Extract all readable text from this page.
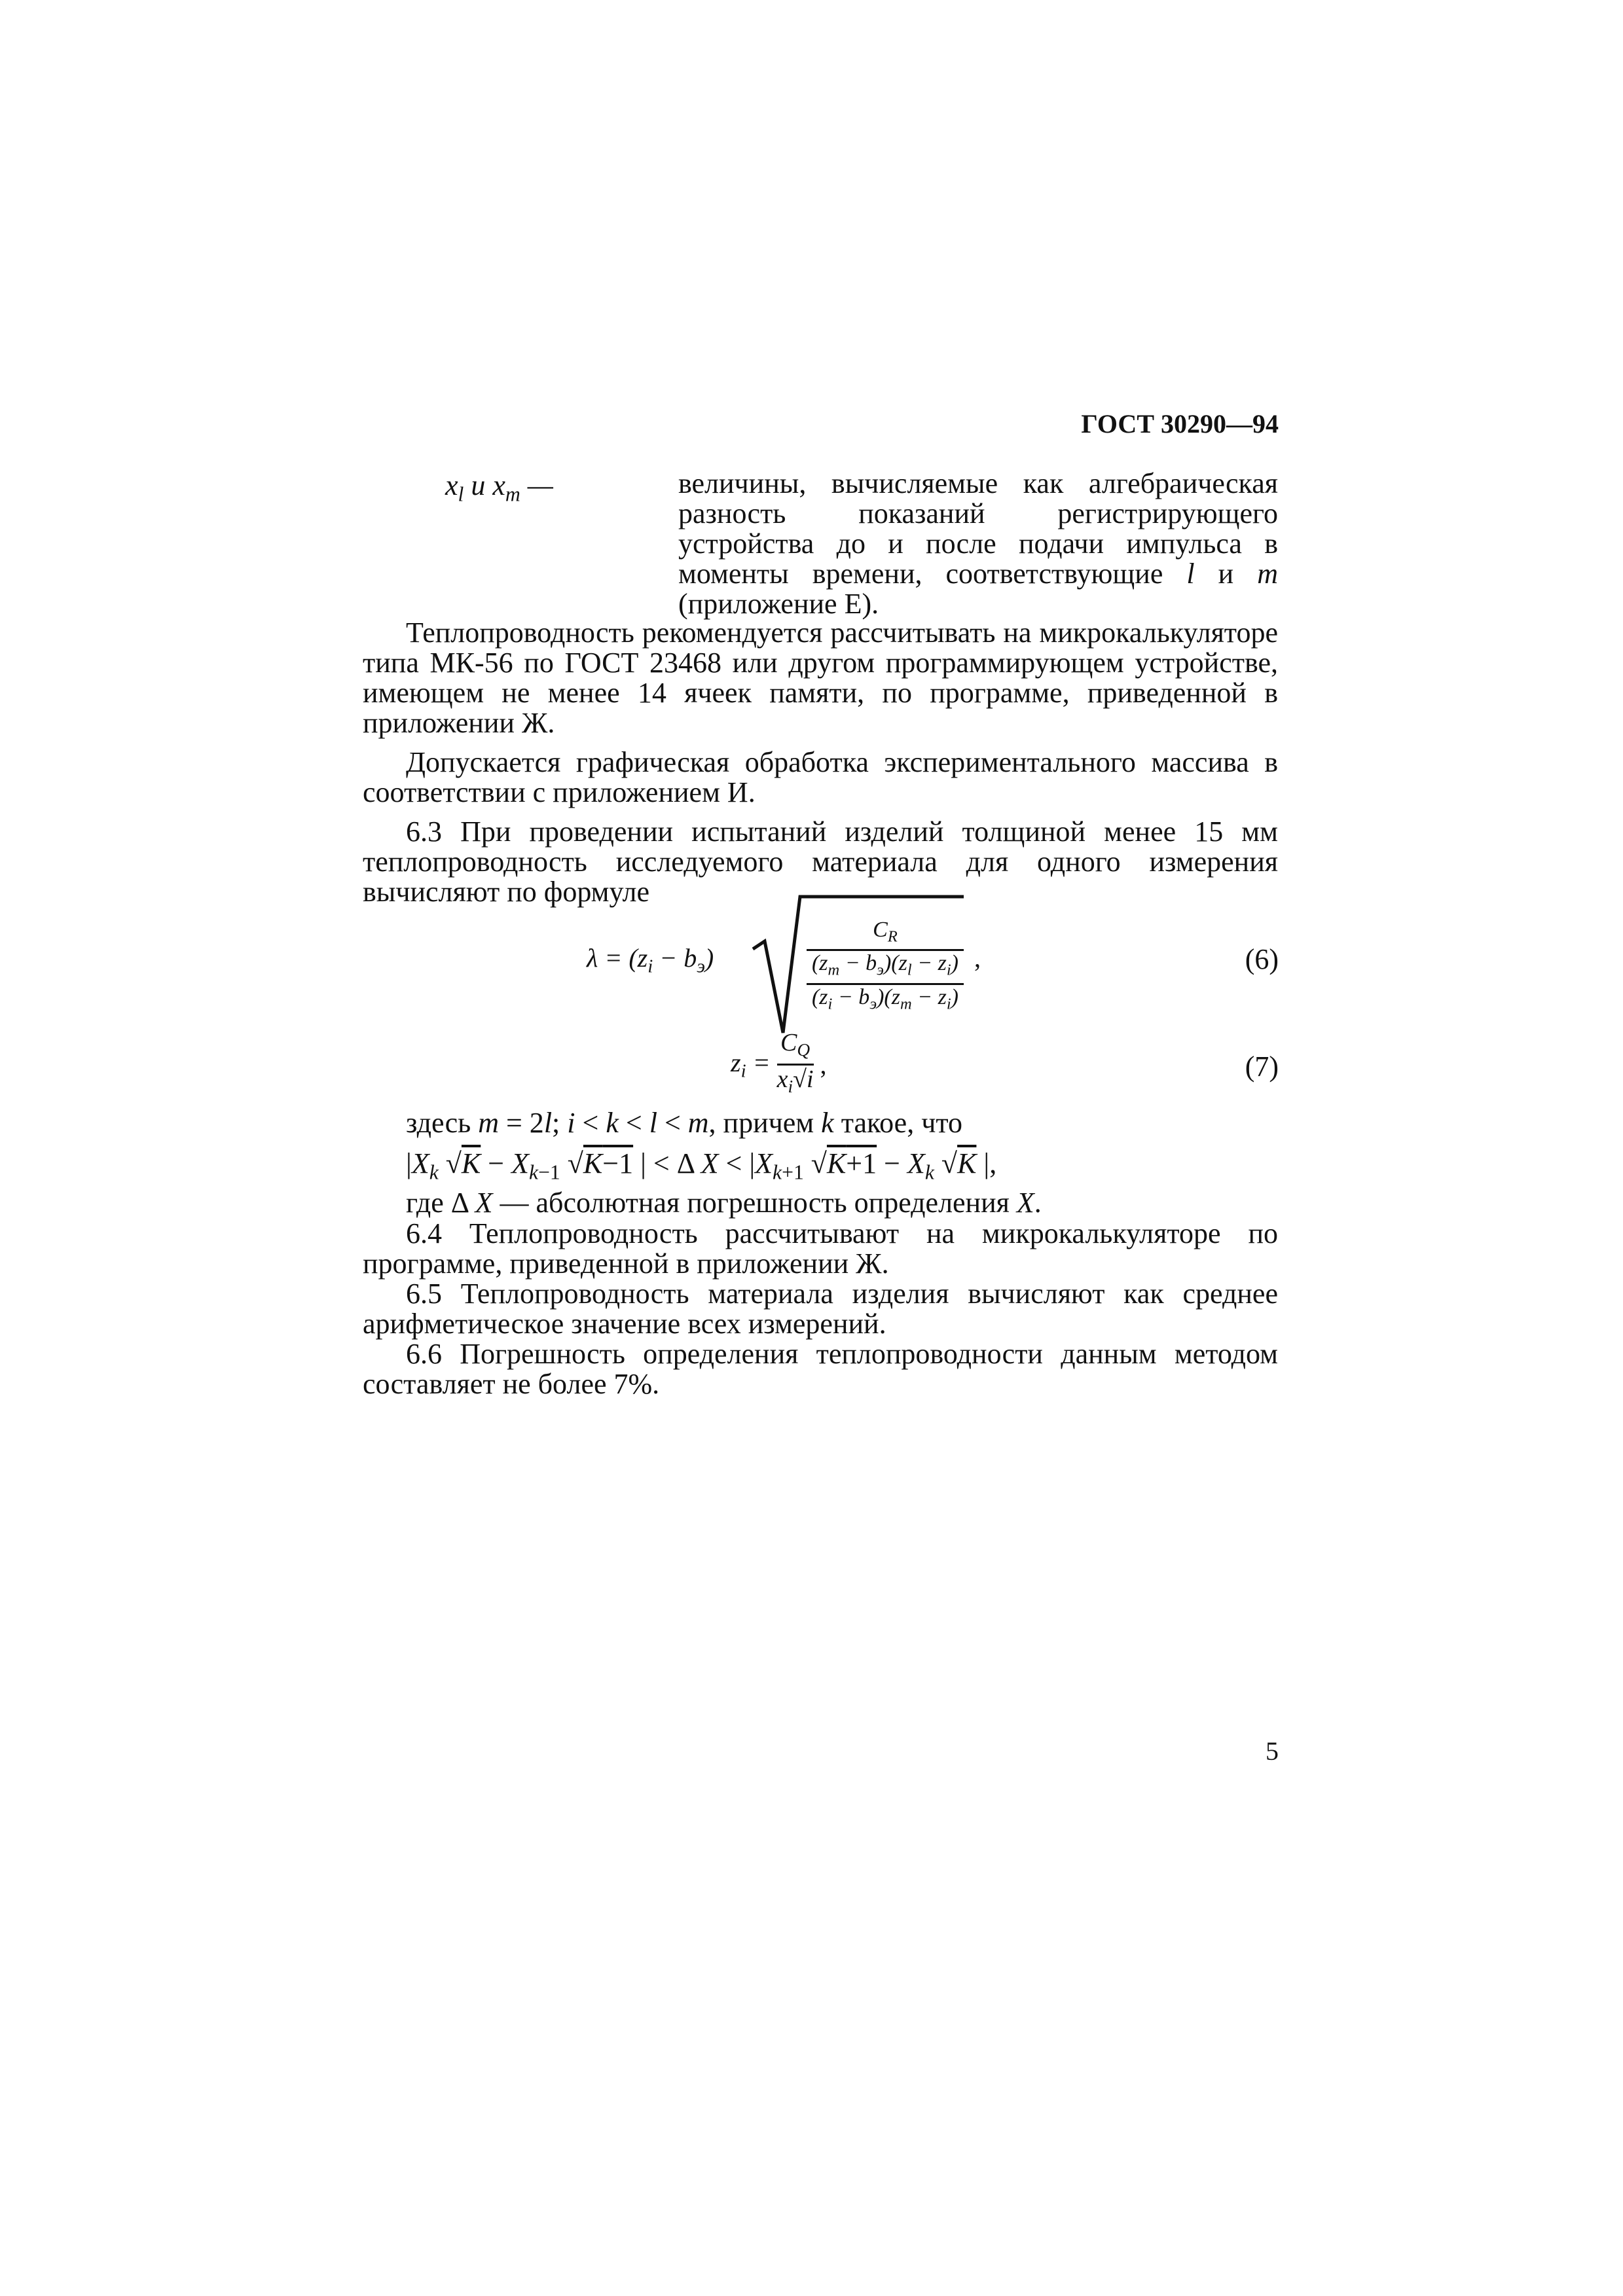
ГОСТ 30290—94
$x_l$ и $x_m$ —	величины, вычисляемые как алгебраическая разность показаний регистрирующего устройства до и после подачи импульса в моменты времени, соответствующие l и m (приложение Е).

Теплопроводность рекомендуется рассчитывать на микрокалькуляторе типа МК-56 по ГОСТ 23468 или другом программирующем устройстве, имеющем не менее 14 ячеек памяти, по программе, приведенной в приложении Ж.

Допускается графическая обработка экспериментального массива в соответствии с приложением И.

6.3 При проведении испытаний изделий толщиной менее 15 мм теплопроводность исследуемого материала для одного измерения вычисляют по формуле

$\lambda = (z_i - b_э)$
$C_R$
$(z_m - b_э)(z_l - z_i)$
$(z_i - b_э)(z_m - z_i)$
,	(6)
$z_i = \frac{C_Q}{x_i√i}$ ,	(7)
здесь m = 2l; i < k < l < m, причем k такое, что
$|X_k$ $√K - X_{k-1}$ √K−1 | < Δ $X < |X_{k+1}$ $√K+1 - X_k$ √K |,
где Δ X — абсолютная погрешность определения X.

6.4 Теплопроводность рассчитывают на микрокалькуляторе по программе, приведенной в приложении Ж.

6.5 Теплопроводность материала изделия вычисляют как среднее арифметическое значение всех измерений.

6.6 Погрешность определения теплопроводности данным методом составляет не более 7%.

5
